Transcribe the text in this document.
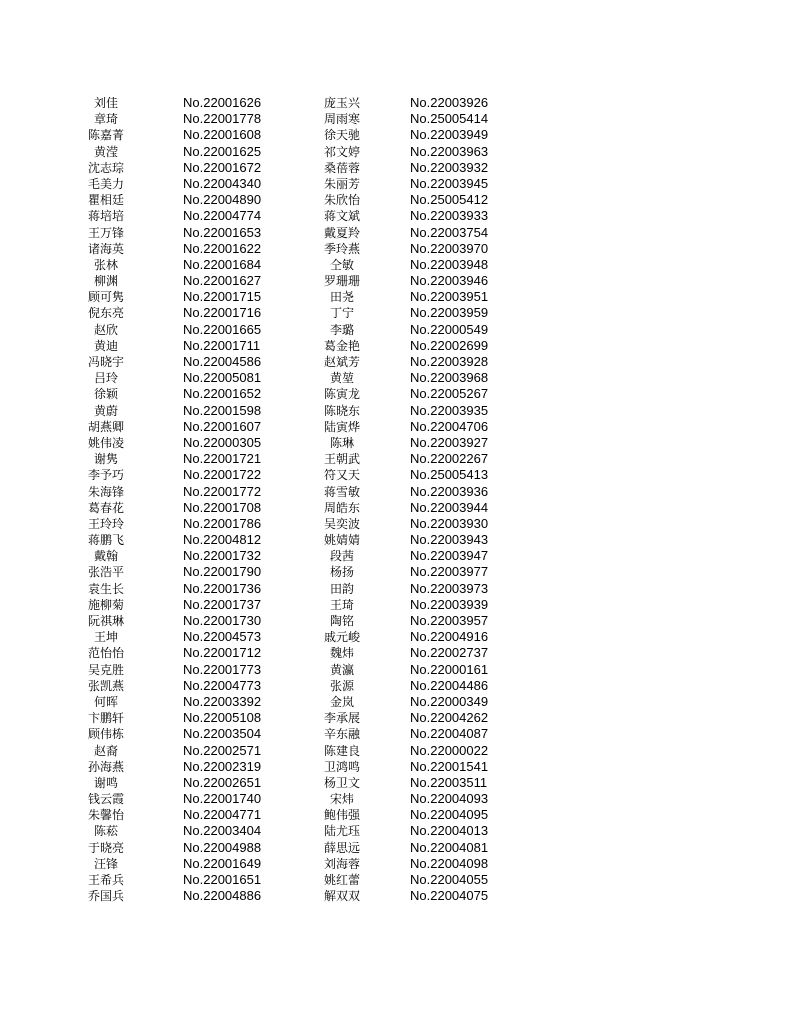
刘佳	No.22001626	庞玉兴	No.22003926
章琦	No.22001778	周雨寒	No.25005414
陈嘉菁	No.22001608	徐天驰	No.22003949
黄滢	No.22001625	祁文婷	No.22003963
沈志琮	No.22001672	桑蓓蓉	No.22003932
毛美力	No.22004340	朱丽芳	No.22003945
瞿相廷	No.22004890	朱欣怡	No.25005412
蒋培培	No.22004774	蒋文斌	No.22003933
王万锋	No.22001653	戴夏羚	No.22003754
诸海英	No.22001622	季玲燕	No.22003970
张林	No.22001684	仝敏	No.22003948
柳渊	No.22001627	罗珊珊	No.22003946
顾可隽	No.22001715	田尧	No.22003951
倪东亮	No.22001716	丁宁	No.22003959
赵欣	No.22001665	李璐	No.22000549
黄迪	No.22001711	葛金艳	No.22002699
冯晓宇	No.22004586	赵斌芳	No.22003928
吕玲	No.22005081	黄堃	No.22003968
徐颖	No.22001652	陈寅龙	No.22005267
黄蔚	No.22001598	陈晓东	No.22003935
胡燕卿	No.22001607	陆寅烨	No.22004706
姚伟凌	No.22000305	陈琳	No.22003927
谢隽	No.22001721	王朝武	No.22002267
李予巧	No.22001722	符又天	No.25005413
朱海锋	No.22001772	蒋雪敏	No.22003936
葛春花	No.22001708	周皓东	No.22003944
王玲玲	No.22001786	吴奕波	No.22003930
蒋鹏飞	No.22004812	姚婧婧	No.22003943
戴翰	No.22001732	段茜	No.22003947
张浩平	No.22001790	杨扬	No.22003977
袁生长	No.22001736	田韵	No.22003973
施柳菊	No.22001737	王琦	No.22003939
阮祺琳	No.22001730	陶铭	No.22003957
王坤	No.22004573	戚元峻	No.22004916
范怡怡	No.22001712	魏炜	No.22002737
吴克胜	No.22001773	黄瀛	No.22000161
张凯燕	No.22004773	张源	No.22004486
何晖	No.22003392	金岚	No.22000349
卞鹏轩	No.22005108	李承展	No.22004262
顾伟栋	No.22003504	辛东融	No.22004087
赵裔	No.22002571	陈建良	No.22000022
孙海燕	No.22002319	卫鸿鸣	No.22001541
谢鸣	No.22002651	杨卫文	No.22003511
钱云霞	No.22001740	宋炜	No.22004093
朱馨怡	No.22004771	鲍伟强	No.22004095
陈菘	No.22003404	陆尤珏	No.22004013
于晓亮	No.22004988	薛思远	No.22004081
汪锋	No.22001649	刘海蓉	No.22004098
王希兵	No.22001651	姚红蕾	No.22004055
乔国兵	No.22004886	解双双	No.22004075
